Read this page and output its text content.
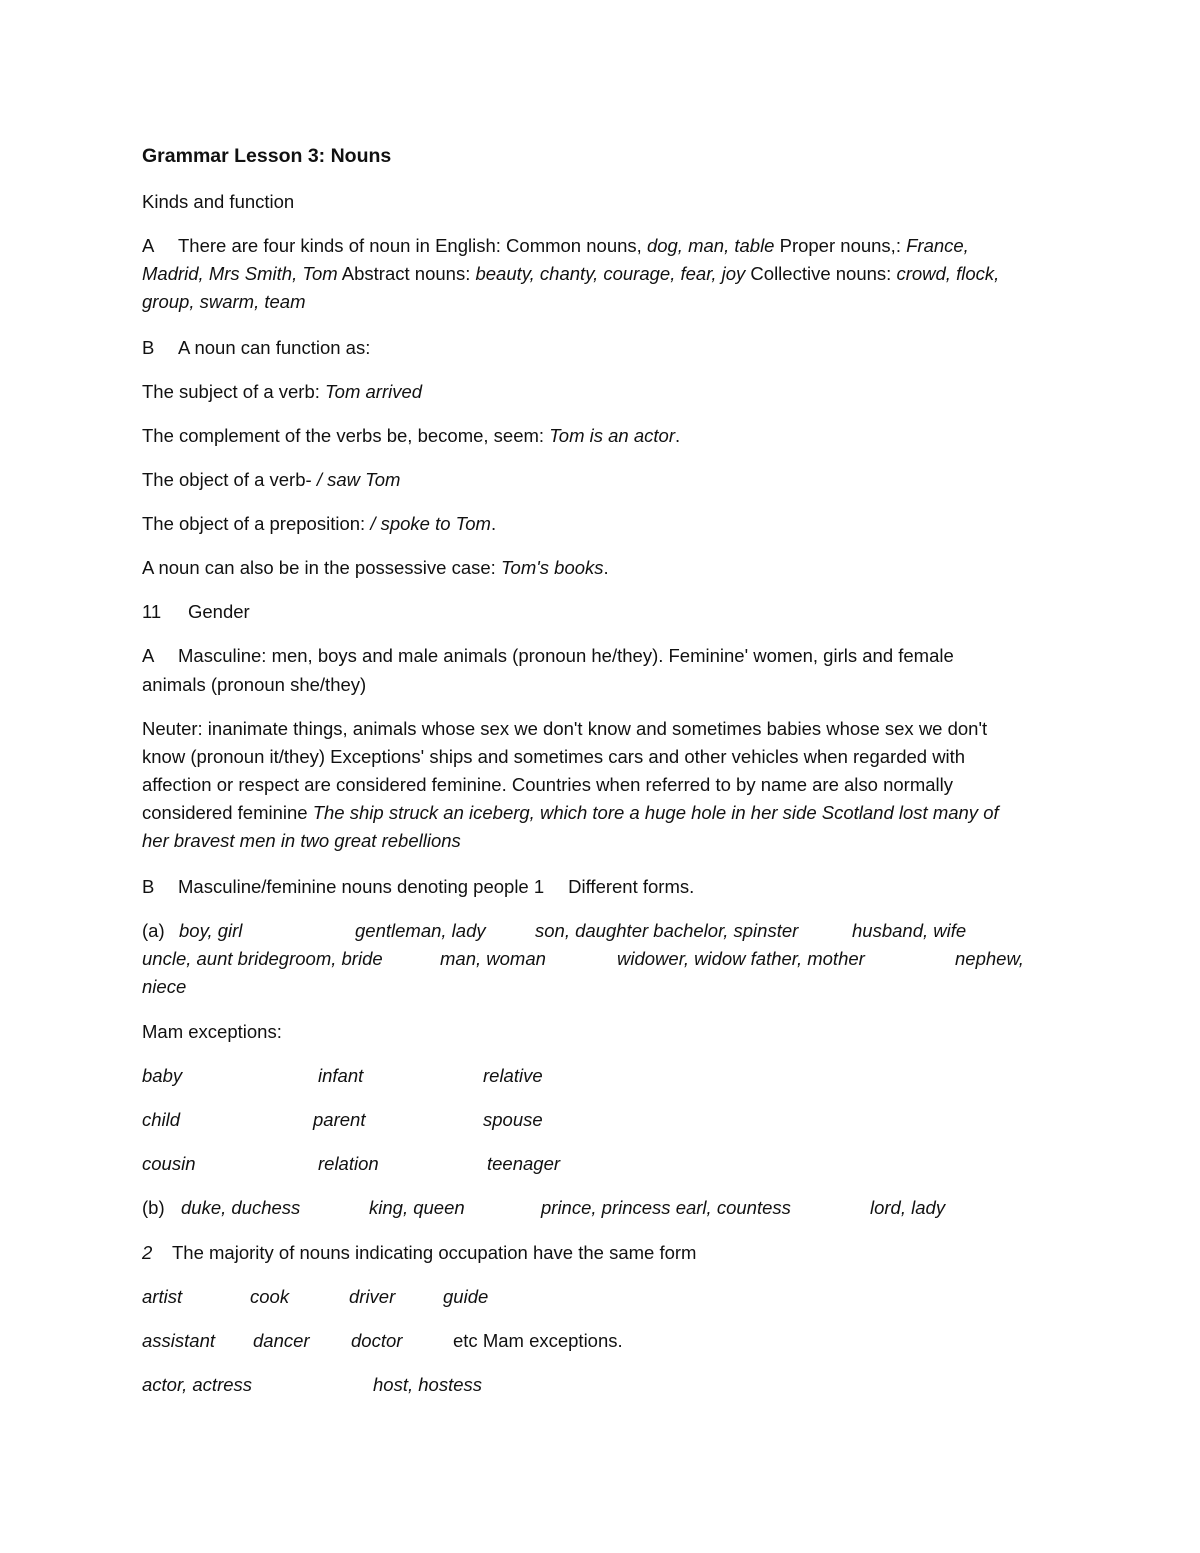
Grammar Lesson 3: Nouns
Kinds and function
A There are four kinds of noun in English: Common nouns, dog, man, table Proper nouns,: France,
Madrid, Mrs Smith, Tom Abstract nouns: beauty, chanty, courage, fear, joy Collective nouns: crowd, flock,
group, swarm, team
B A noun can function as:
The subject of a verb: Tom arrived
The complement of the verbs be, become, seem: Tom is an actor.
The object of a verb- / saw Tom
The object of a preposition: / spoke to Tom.
A noun can also be in the possessive case: Tom's books.
11 Gender
A Masculine: men, boys and male animals (pronoun he/they). Feminine' women, girls and female
animals (pronoun she/they)
Neuter: inanimate things, animals whose sex we don't know and sometimes babies whose sex we don't
know (pronoun it/they) Exceptions' ships and sometimes cars and other vehicles when regarded with
affection or respect are considered feminine. Countries when referred to by name are also normally
considered feminine The ship struck an iceberg, which tore a huge hole in her side Scotland lost many of
her bravest men in two great rebellions
B Masculine/feminine nouns denoting people 1 Different forms.
(a) boy, girl	gentleman, lady	son, daughter bachelor, spinster	husband, wife
uncle, aunt bridegroom, bride	man, woman	widower, widow father, mother	nephew,
niece
Mam exceptions:
baby	infant	relative
child	parent	spouse
cousin	relation	teenager
(b) duke, duchess	king, queen	prince, princess earl, countess	lord, lady
2 The majority of nouns indicating occupation have the same form
artist	cook	driver	guide
assistant dancer doctor	etc Mam exceptions.
actor, actress	host, hostess
